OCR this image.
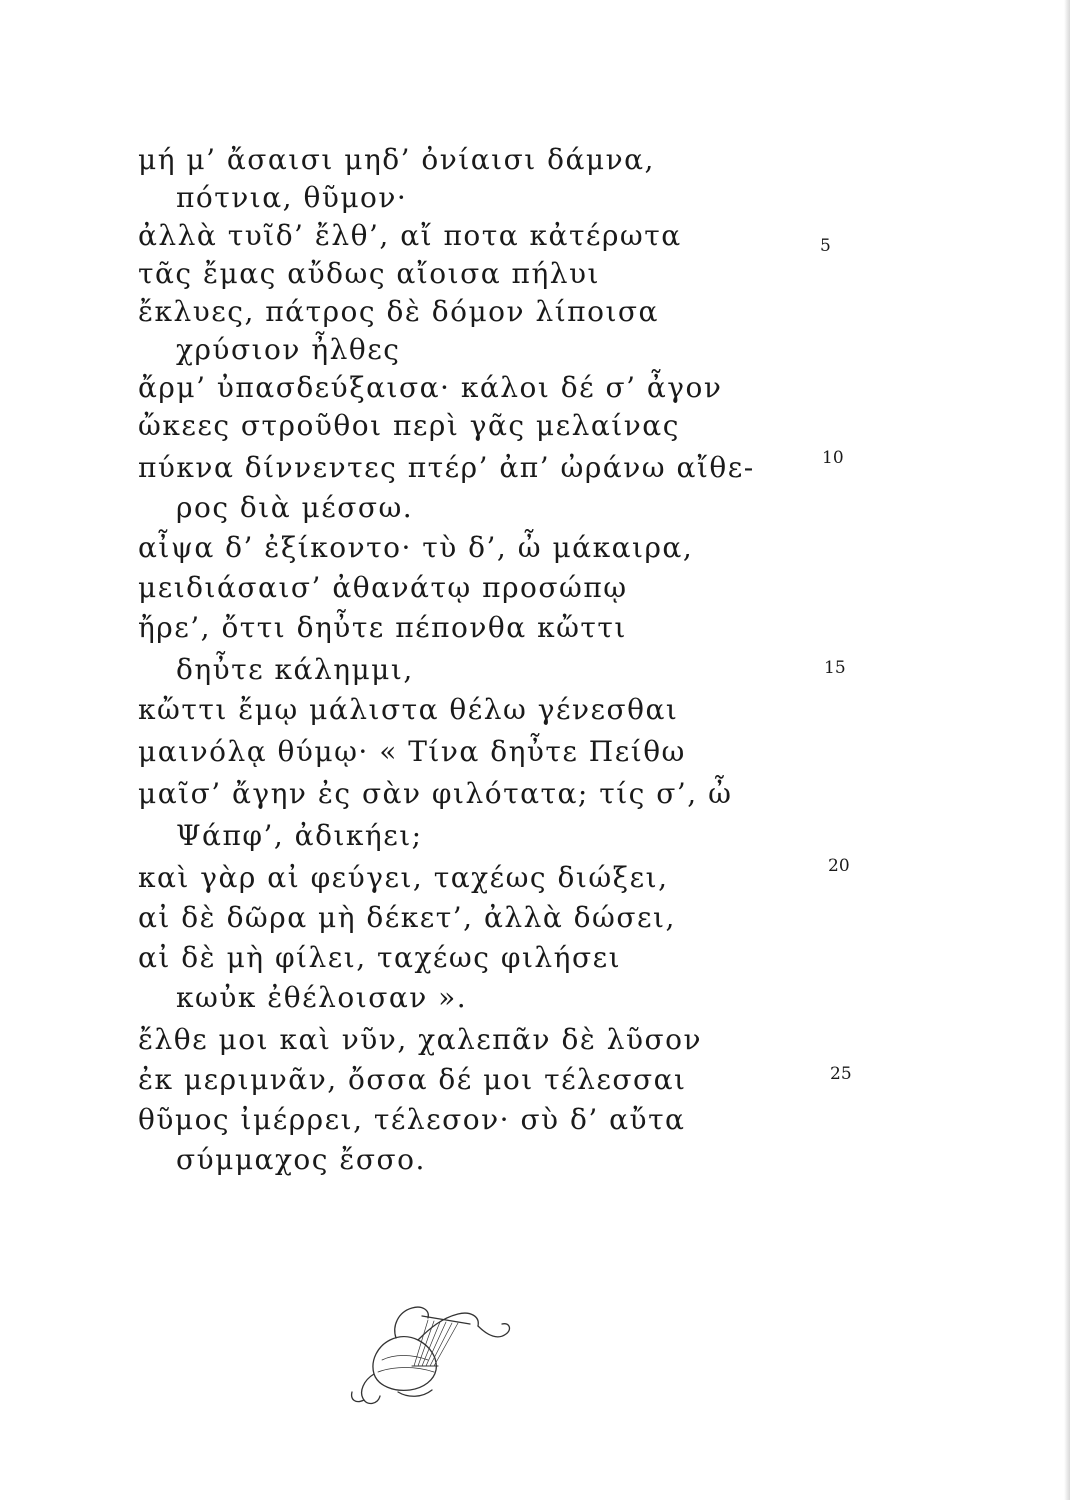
μή μ’ ἄσαισι μηδ’ ὀνίαισι δάμνα,
πότνια, θῦμον·
ἀλλὰ τυῖδ’ ἔλθ’, αἴ ποτα κἀτέρωτα
τᾶς ἔμας αὔδως αἴοισα πήλυι
ἔκλυες, πάτρος δὲ δόμον λίποισα
χρύσιον ἦλθες
ἄρμ’ ὐπασδεύξαισα· κάλοι δέ σ’ ἆγον
ὤκεες στροῦθοι περὶ γᾶς μελαίνας
πύκνα δίννεντες πτέρ’ ἀπ’ ὠράνω αἴθε-
ρος διὰ μέσσω.
αἶψα δ’ ἐξίκοντο· τὺ δ’, ὦ μάκαιρα,
μειδιάσαισ’ ἀθανάτῳ προσώπῳ
ἤρε’, ὄττι δηὖτε πέπονθα κὤττι
δηὖτε κάλημμι,
κὤττι ἔμῳ μάλιστα θέλω γένεσθαι
μαινόλᾳ θύμῳ· « Τίνα δηὖτε Πείθω
μαῖσ’ ἄγην ἐς σὰν φιλότατα; τίς σ’, ὦ
Ψάπφ’, ἀδικήει;
καὶ γὰρ αἰ φεύγει, ταχέως διώξει,
αἰ δὲ δῶρα μὴ δέκετ’, ἀλλὰ δώσει,
αἰ δὲ μὴ φίλει, ταχέως φιλήσει
κωὐκ ἐθέλοισαν ».
ἔλθε μοι καὶ νῦν, χαλεπᾶν δὲ λῦσον
ἐκ μεριμνᾶν, ὄσσα δέ μοι τέλεσσαι
θῦμος ἰμέρρει, τέλεσον· σὺ δ’ αὔτα
σύμμαχος ἔσσο.
5
10
15
20
25
